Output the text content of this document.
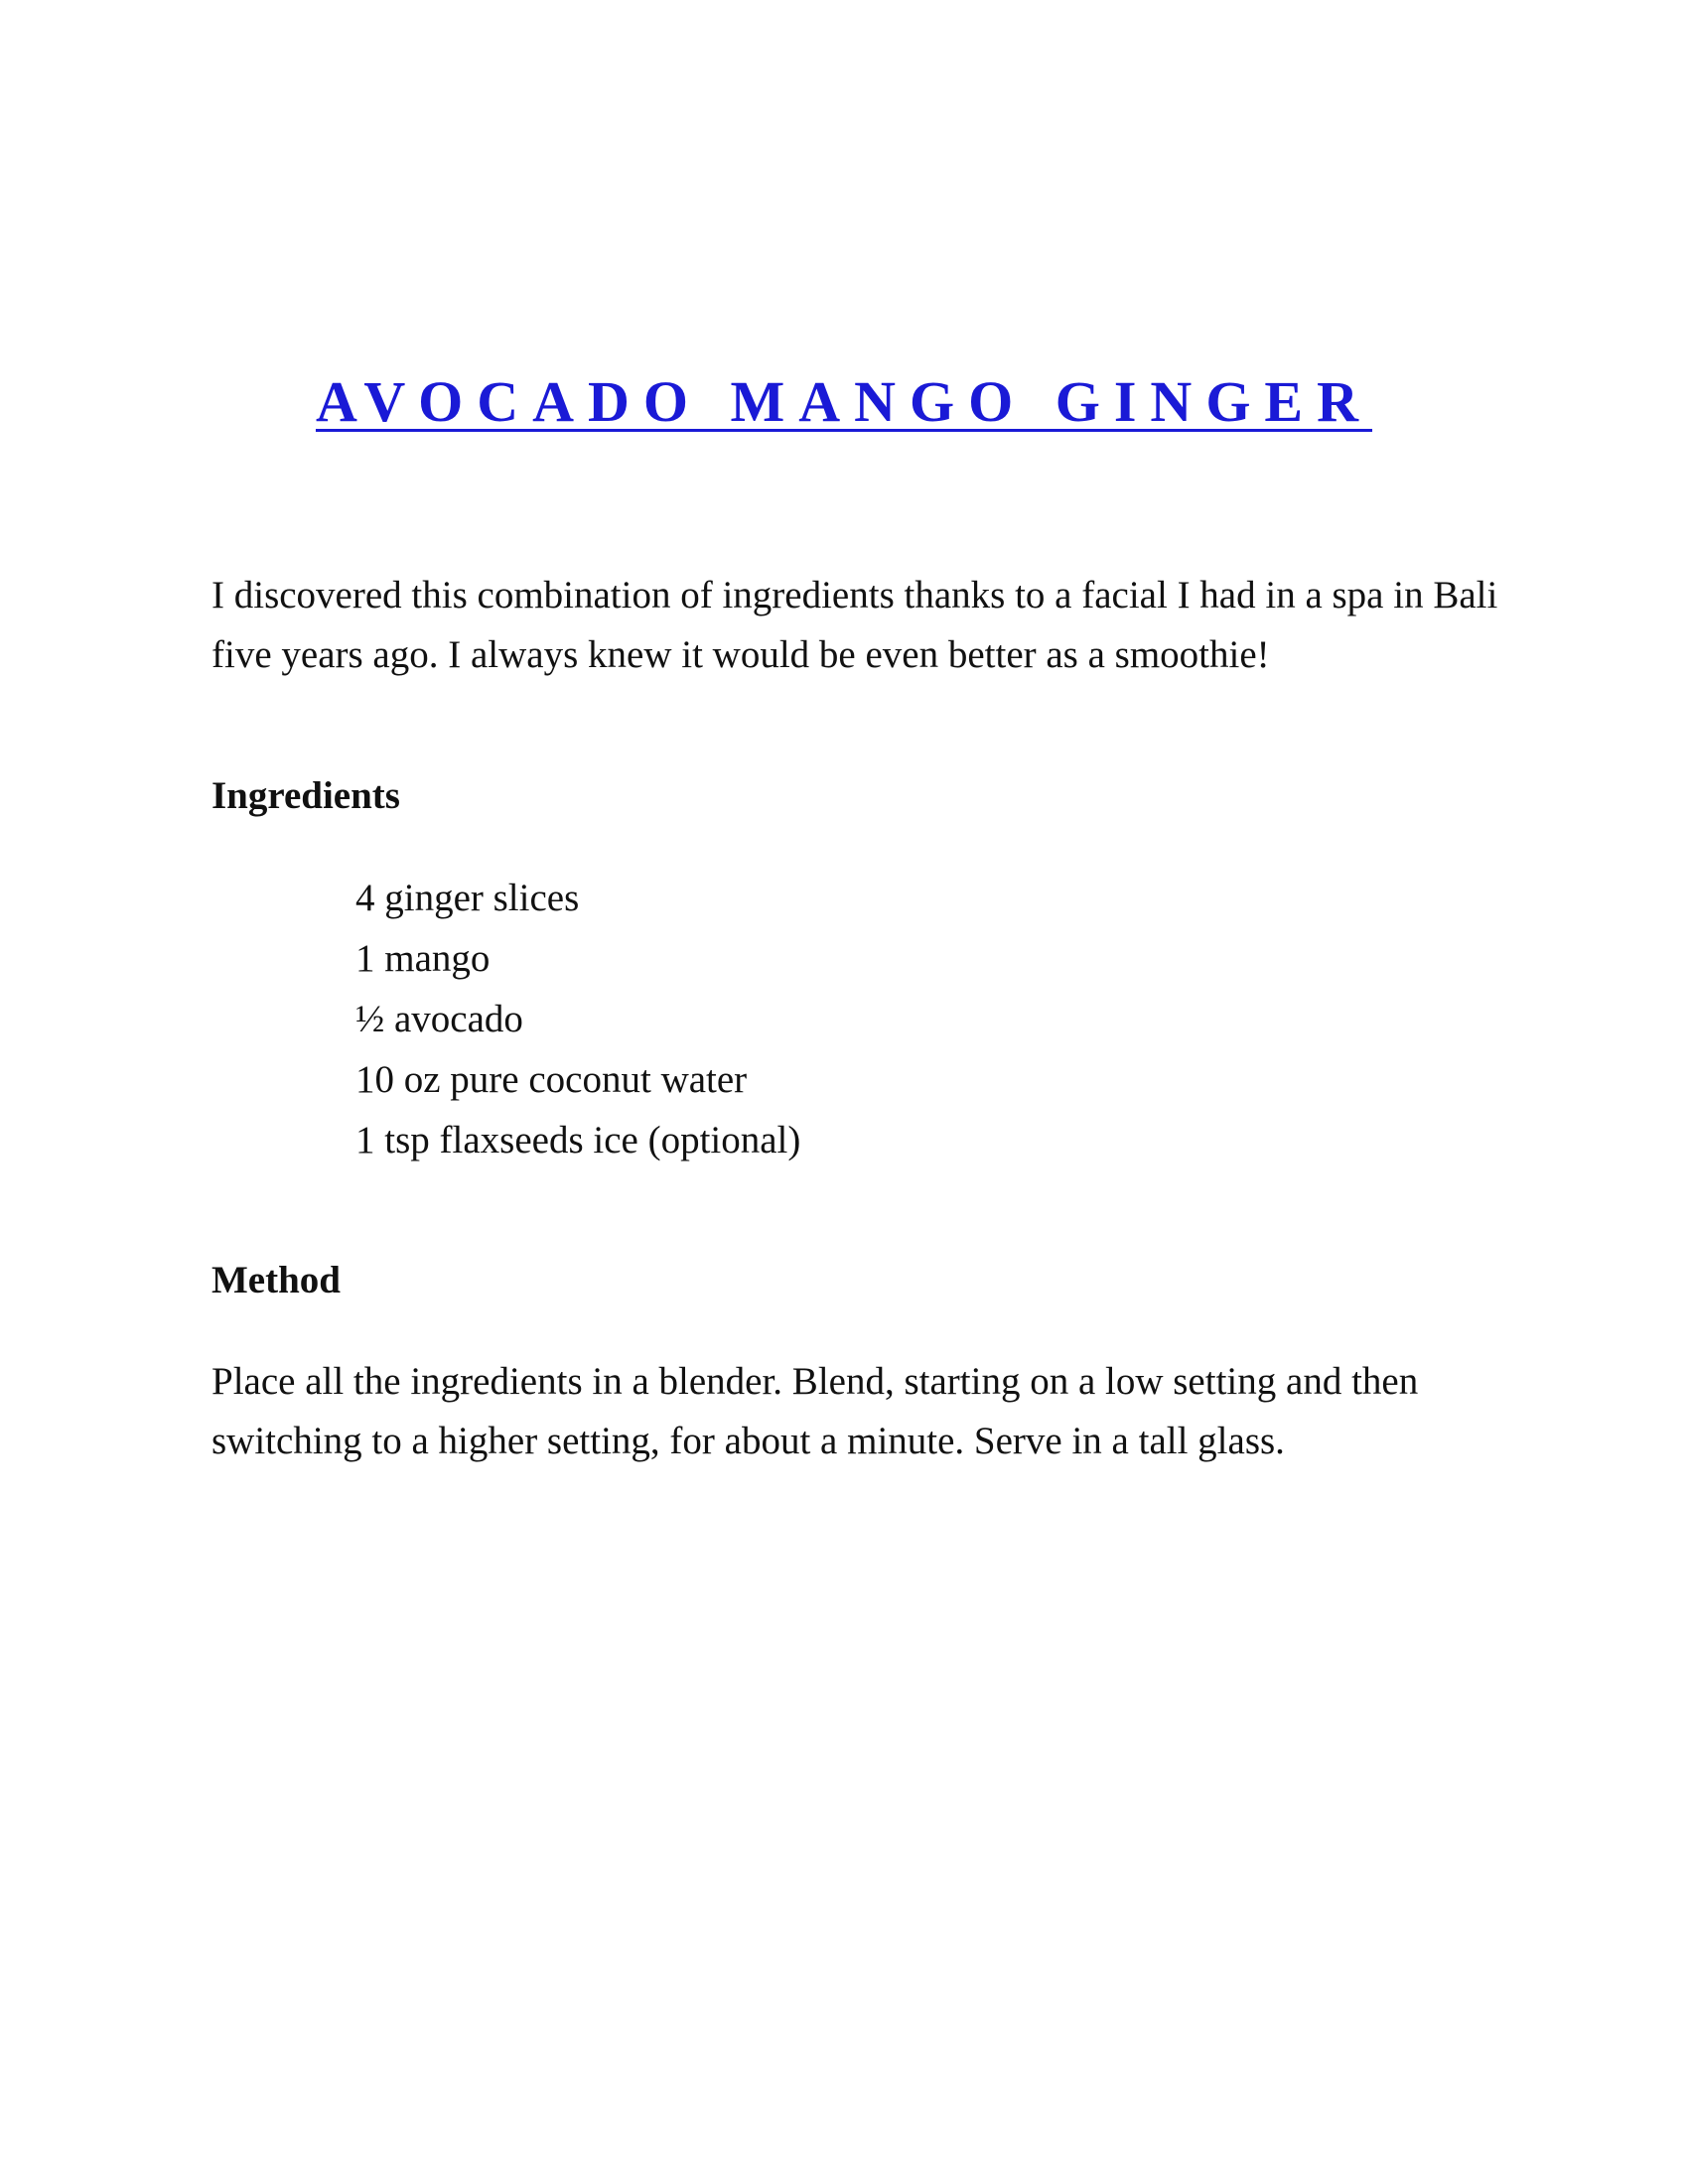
AVOCADO MANGO GINGER

I discovered this combination of ingredients thanks to a facial I had in a spa in Bali five years ago. I always knew it would be even better as a smoothie!

Ingredients
4 ginger slices
1 mango
½ avocado
10 oz pure coconut water
1 tsp flaxseeds ice (optional)
Method

Place all the ingredients in a blender. Blend, starting on a low setting and then switching to a higher setting, for about a minute. Serve in a tall glass.
